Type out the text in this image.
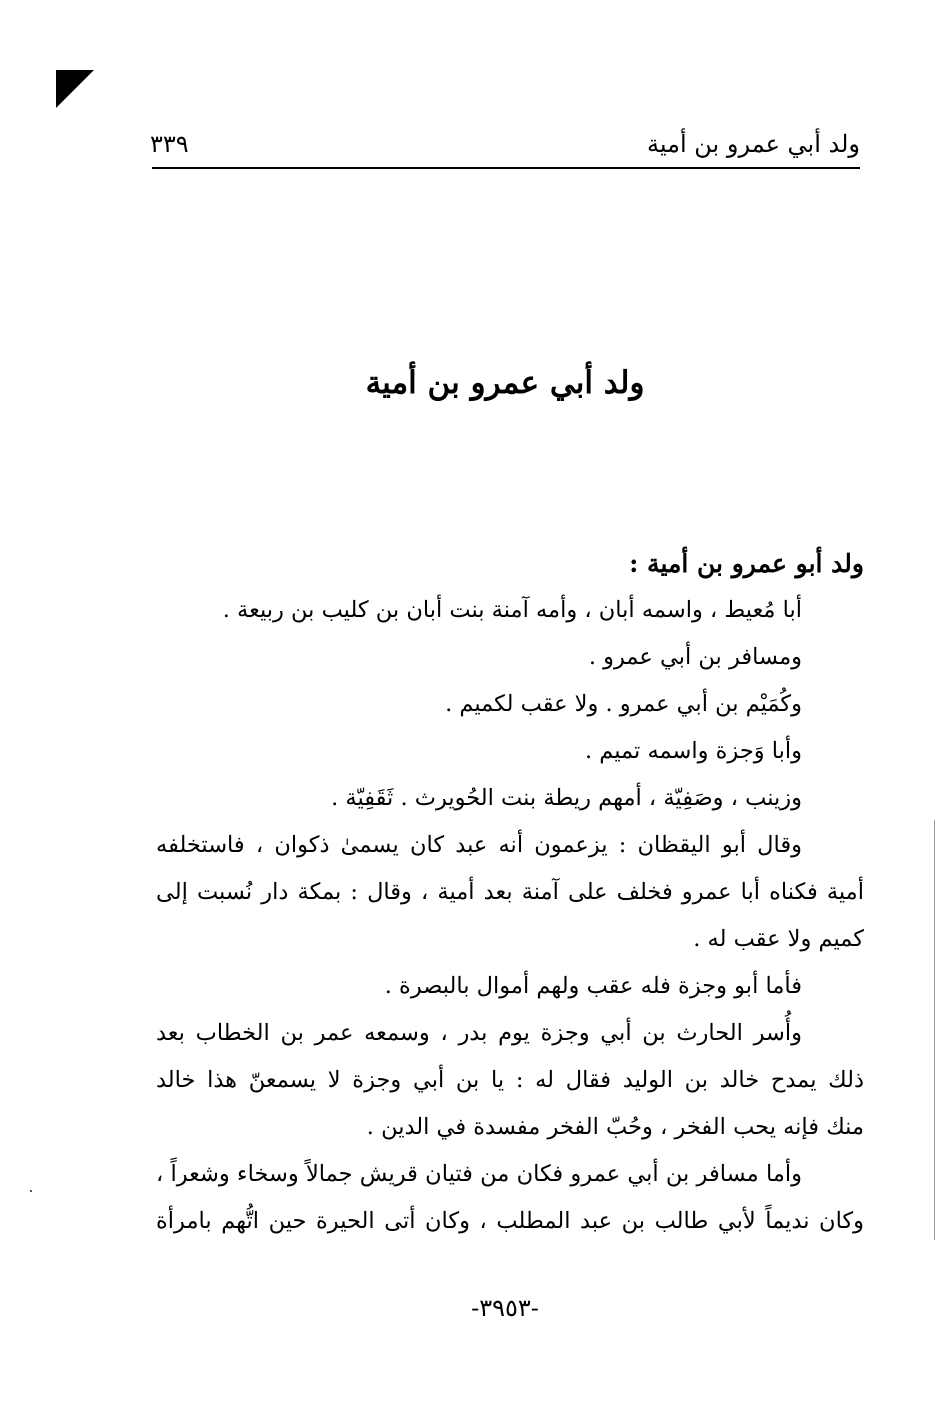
ولد أبي عمرو بن أمية
٣٣٩
ولد أبي عمرو بن أمية
ولد أبو عمرو بن أمية :
أبا مُعيط ، واسمه أبان ، وأمه آمنة بنت أبان بن كليب بن ربيعة .
ومسافر بن أبي عمرو .
وكُمَيْم بن أبي عمرو . ولا عقب لكميم .
وأبا وَجزة واسمه تميم .
وزينب ، وصَفِيّة ، أمهم ريطة بنت الحُويرث . ثَقَفِيّة .
وقال أبو اليقظان : يزعمون أنه عبد كان يسمىٰ ذكوان ، فاستخلفه
أمية فكناه أبا عمرو فخلف على آمنة بعد أمية ، وقال : بمكة دار نُسبت إلى
كميم ولا عقب له .
فأما أبو وجزة فله عقب ولهم أموال بالبصرة .
وأُسر الحارث بن أبي وجزة يوم بدر ، وسمعه عمر بن الخطاب بعد
ذلك يمدح خالد بن الوليد فقال له : يا بن أبي وجزة لا يسمعنّ هذا خالد
منك فإنه يحب الفخر ، وحُبّ الفخر مفسدة في الدين .
وأما مسافر بن أبي عمرو فكان من فتيان قريش جمالاً وسخاء وشعراً ،
وكان نديماً لأبي طالب بن عبد المطلب ، وكان أتى الحيرة حين اتُّهم بامرأة
-٣٩٥٣-
